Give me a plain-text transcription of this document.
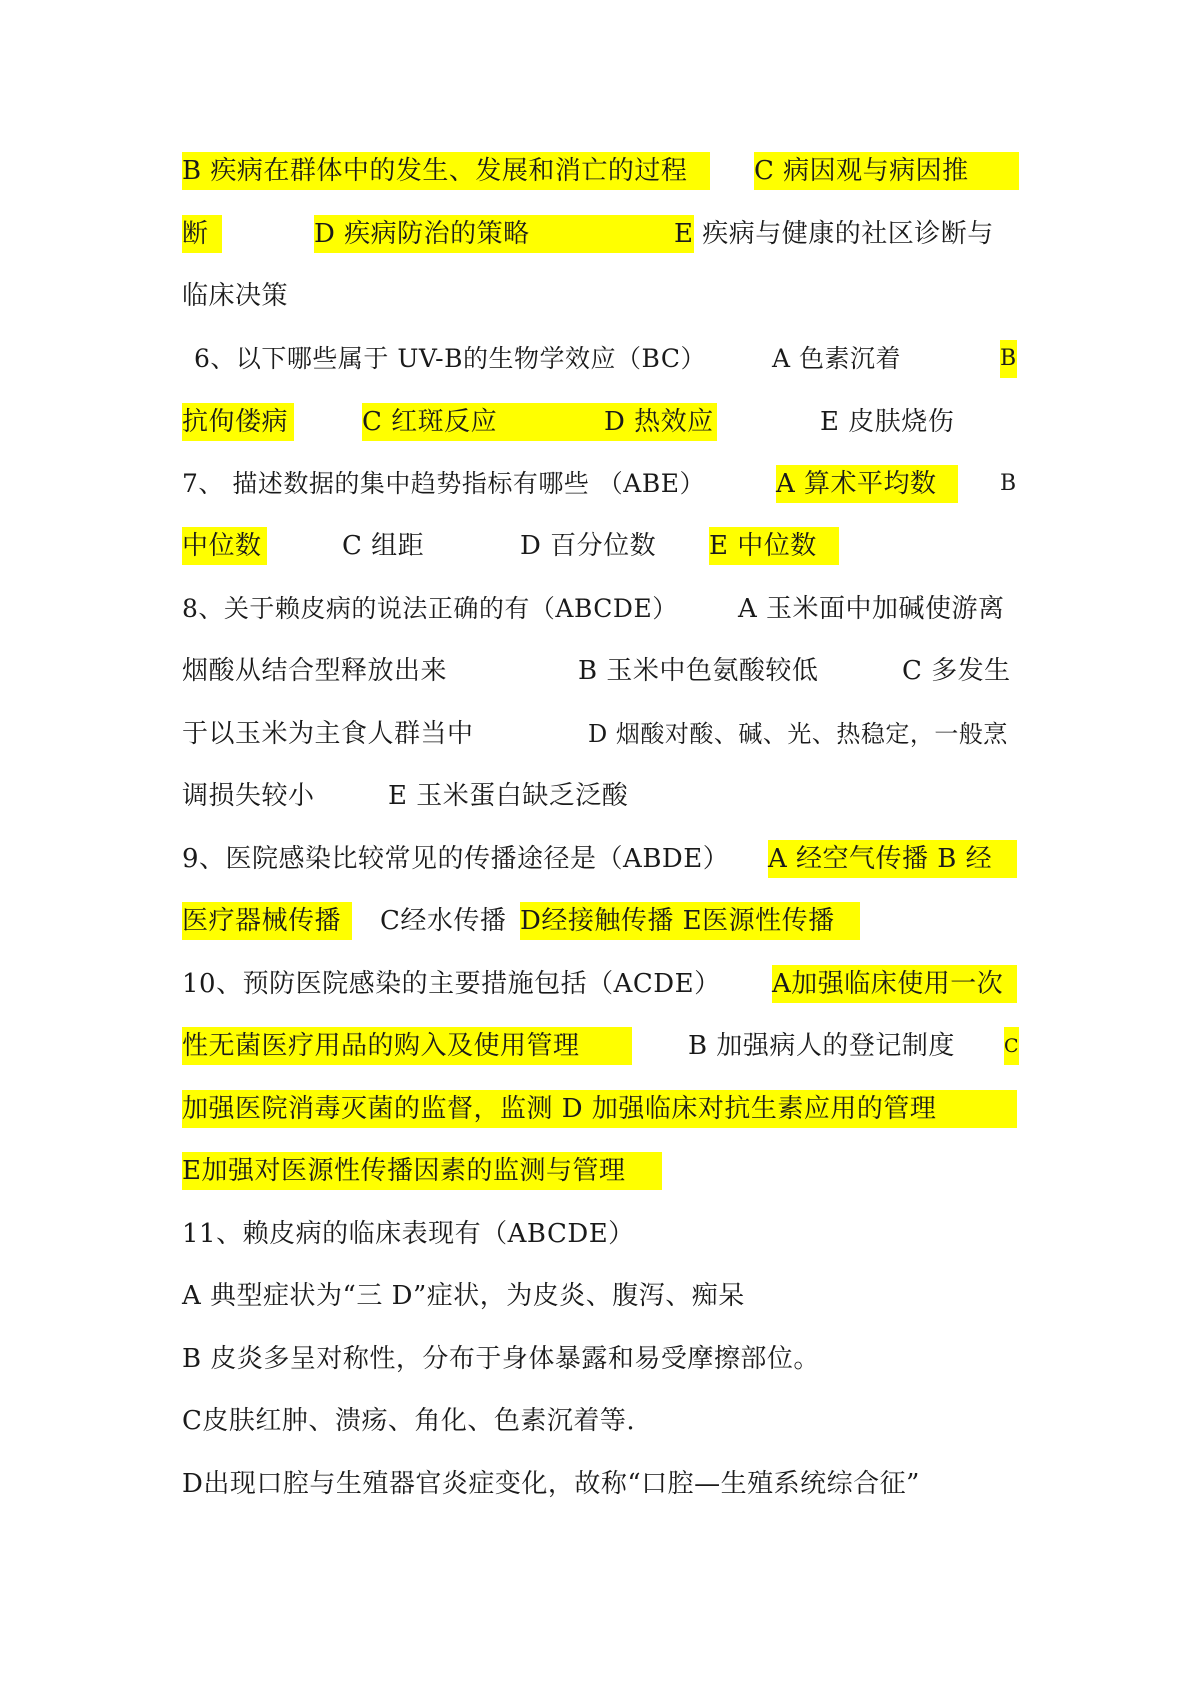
B 疾病在群体中的发生、发展和消亡的过程	C 病因观与病因推
断	D 疾病防治的策略	E 疾病与健康的社区诊断与
临床决策
6、以下哪些属于 UV-B的生物学效应（BC）	A 色素沉着	B
抗佝偻病	C 红斑反应	D 热效应	E 皮肤烧伤
7、 描述数据的集中趋势指标有哪些 （ABE）	A 算术平均数	B
中位数	C 组距	D 百分位数	E 中位数
8、关于赖皮病的说法正确的有（ABCDE）	A 玉米面中加碱使游离
烟酸从结合型释放出来	B 玉米中色氨酸较低	C 多发生
于以玉米为主食人群当中	D 烟酸对酸、碱、光、热稳定，一般烹
调损失较小	E 玉米蛋白缺乏泛酸
9、医院感染比较常见的传播途径是（ABDE）	A 经空气传播 B 经
医疗器械传播	C经水传播 D经接触传播 E医源性传播
10、预防医院感染的主要措施包括（ACDE）	A加强临床使用一次
性无菌医疗用品的购入及使用管理	B 加强病人的登记制度	C
加强医院消毒灭菌的监督，监测 D 加强临床对抗生素应用的管理
E加强对医源性传播因素的监测与管理
11、赖皮病的临床表现有（ABCDE）
A 典型症状为“三 D”症状，为皮炎、腹泻、痴呆
B 皮炎多呈对称性，分布于身体暴露和易受摩擦部位。
C皮肤红肿、溃疡、角化、色素沉着等.
D出现口腔与生殖器官炎症变化，故称“口腔—生殖系统综合征”
